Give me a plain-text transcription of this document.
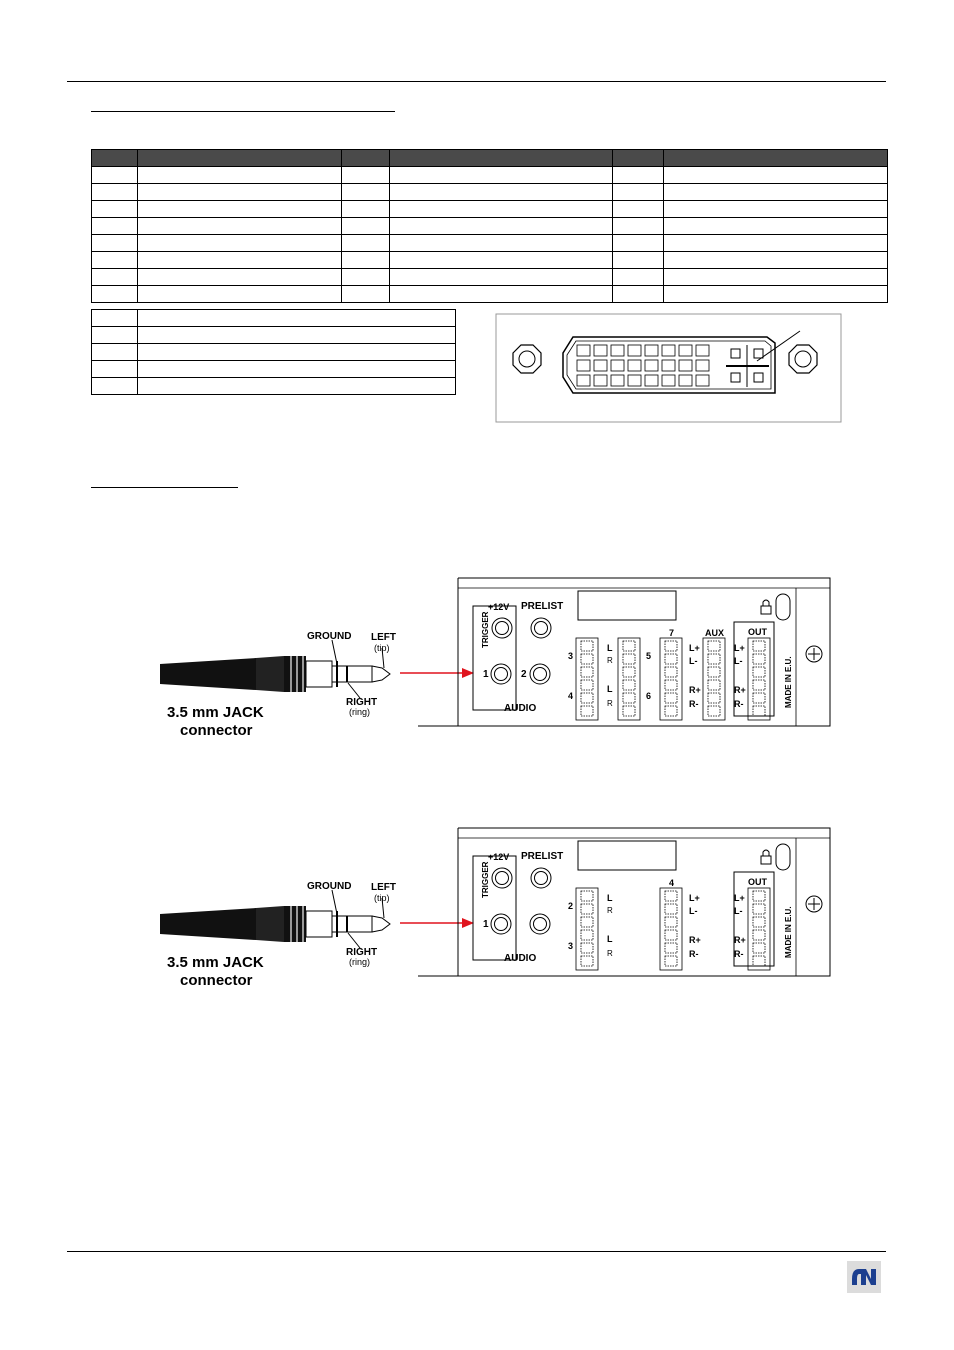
GROUND LEFT
(tip)
RIGHT
(ring)
3.5 mm JACK
connector
+12V
TRIGGER
PRELIST
1	2
AUDIO
3
4
L
R
L
R
5
6
7
L+
L-
R+
R-
AUX	OUT
L+
L-
R+
R-	MADE IN E.U.
GROUND LEFT
(tip)
RIGHT
(ring)
3.5 mm JACK
connector
+12V
TRIGGER
PRELIST
1
AUDIO
2
3
L
R
L
R
4
L+
L-
R+
R-
OUT
L+
L-
R+
R-	MADE IN E.U.
